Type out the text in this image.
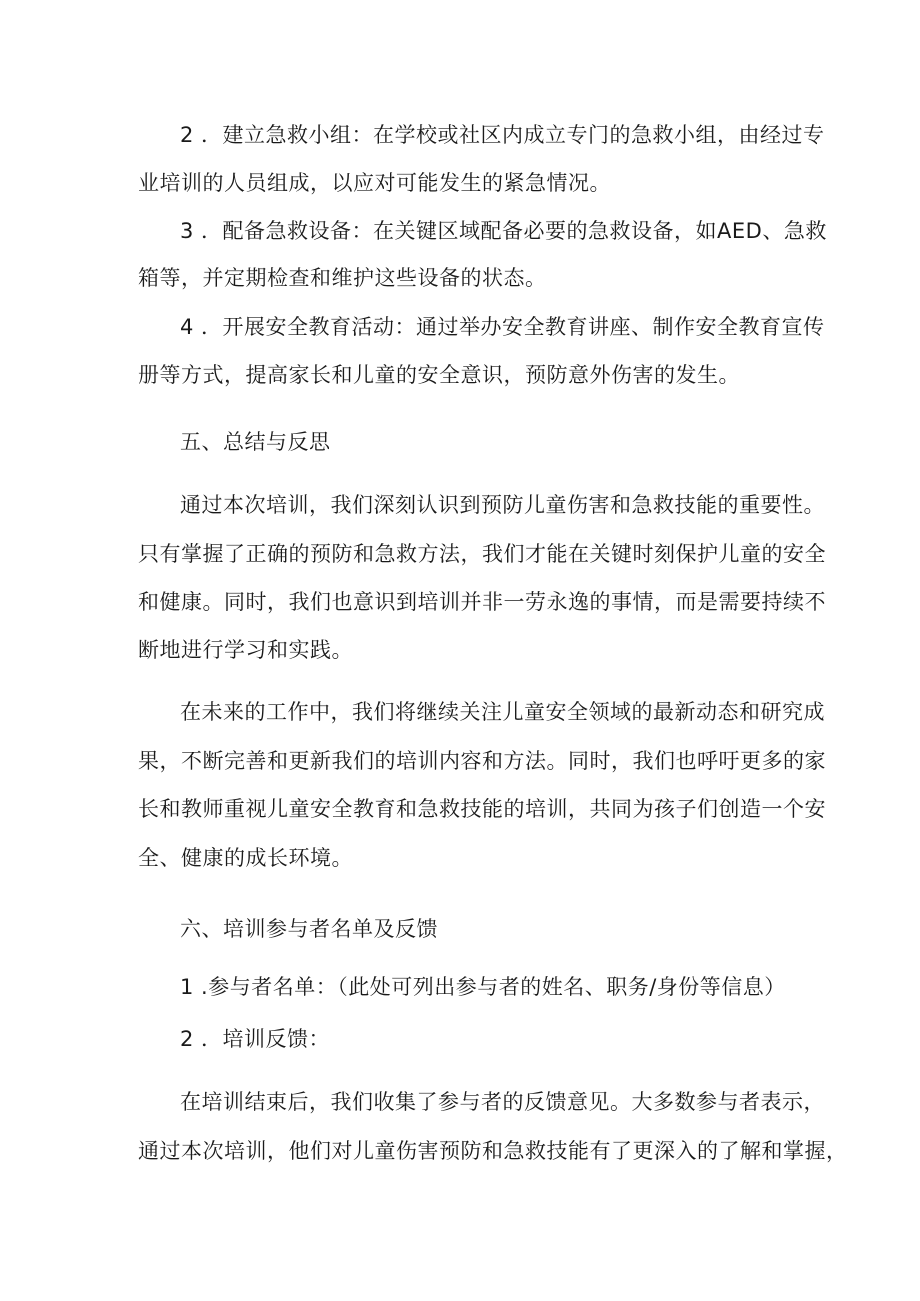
2 ．建立急救小组：在学校或社区内成立专门的急救小组，由经过专
业培训的人员组成，以应对可能发生的紧急情况。
3 ．配备急救设备：在关键区域配备必要的急救设备，如AED、急救
箱等，并定期检查和维护这些设备的状态。
4 ．开展安全教育活动：通过举办安全教育讲座、制作安全教育宣传
册等方式，提高家长和儿童的安全意识，预防意外伤害的发生。
五、总结与反思
通过本次培训，我们深刻认识到预防儿童伤害和急救技能的重要性。
只有掌握了正确的预防和急救方法，我们才能在关键时刻保护儿童的安全
和健康。同时，我们也意识到培训并非一劳永逸的事情，而是需要持续不
断地进行学习和实践。
在未来的工作中，我们将继续关注儿童安全领域的最新动态和研究成
果，不断完善和更新我们的培训内容和方法。同时，我们也呼吁更多的家
长和教师重视儿童安全教育和急救技能的培训，共同为孩子们创造一个安
全、健康的成长环境。
六、培训参与者名单及反馈
1 .参与者名单：（此处可列出参与者的姓名、职务/身份等信息）
2 ．培训反馈：
在培训结束后，我们收集了参与者的反馈意见。大多数参与者表示，
通过本次培训，他们对儿童伤害预防和急救技能有了更深入的了解和掌握，
